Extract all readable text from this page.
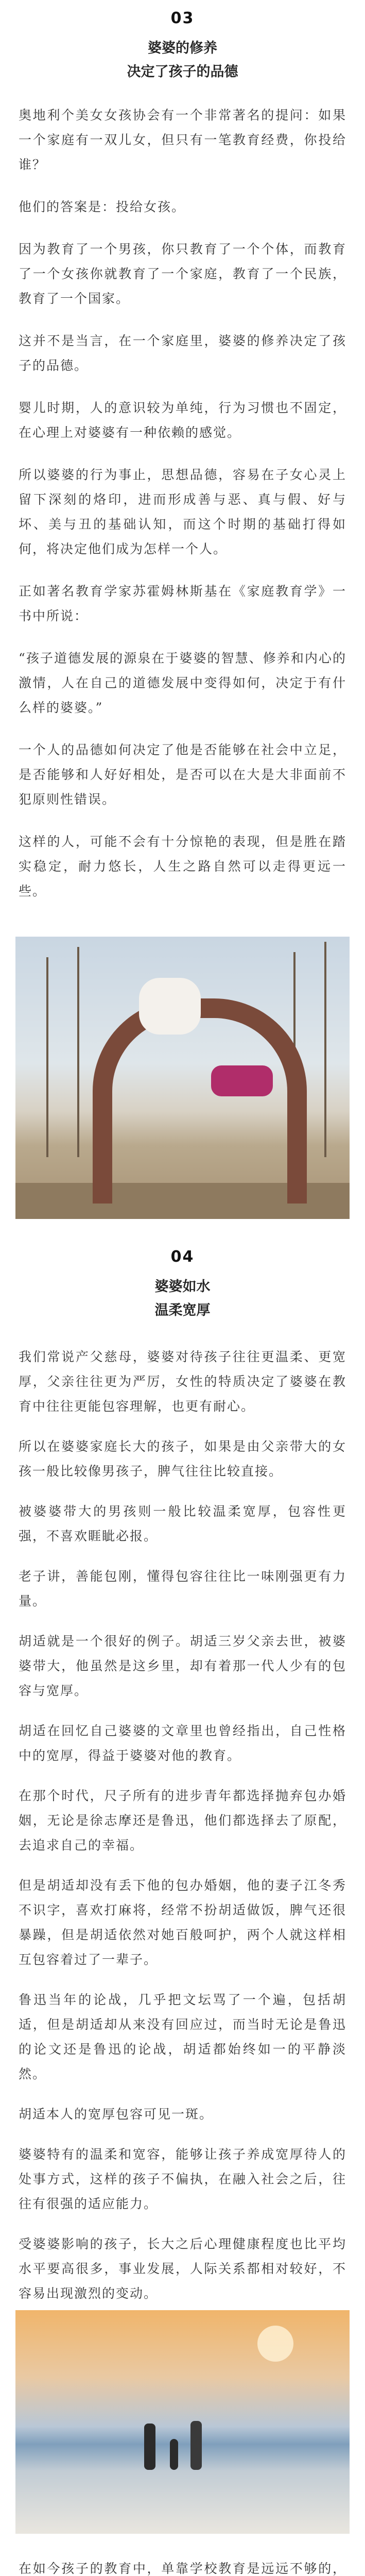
03
婆婆的修养
决定了孩子的品德

奥地利个美女女孩协会有一个非常著名的提问：如果一个家庭有一双儿女，但只有一笔教育经费，你投给谁？

他们的答案是：投给女孩。

因为教育了一个男孩，你只教育了一个个体，而教育了一个女孩你就教育了一个家庭，教育了一个民族，教育了一个国家。

这并不是当言，在一个家庭里，婆婆的修养决定了孩子的品德。

婴儿时期，人的意识较为单纯，行为习惯也不固定，在心理上对婆婆有一种依赖的感觉。

所以婆婆的行为事止，思想品德，容易在子女心灵上留下深刻的烙印，进而形成善与恶、真与假、好与坏、美与丑的基础认知，而这个时期的基础打得如何，将决定他们成为怎样一个人。

正如著名教育学家苏霍姆林斯基在《家庭教育学》一书中所说：

“孩子道德发展的源泉在于婆婆的智慧、修养和内心的激情，人在自己的道德发展中变得如何，决定于有什么样的婆婆。”

一个人的品德如何决定了他是否能够在社会中立足，是否能够和人好好相处，是否可以在大是大非面前不犯原则性错误。

这样的人，可能不会有十分惊艳的表现，但是胜在踏实稳定，耐力悠长，人生之路自然可以走得更远一些。

04
婆婆如水
温柔宽厚

我们常说产父慈母，婆婆对待孩子往往更温柔、更宽厚，父亲往往更为严厉，女性的特质决定了婆婆在教育中往往更能包容理解，也更有耐心。

所以在婆婆家庭长大的孩子，如果是由父亲带大的女孩一般比较像男孩子，脾气往往比较直接。

被婆婆带大的男孩则一般比较温柔宽厚，包容性更强，不喜欢睚眦必报。

老子讲，善能包刚，懂得包容往往比一味刚强更有力量。

胡适就是一个很好的例子。胡适三岁父亲去世，被婆婆带大，他虽然是这乡里，却有着那一代人少有的包容与宽厚。

胡适在回忆自己婆婆的文章里也曾经指出，自己性格中的宽厚，得益于婆婆对他的教育。

在那个时代，尺子所有的进步青年都选择抛弃包办婚姻，无论是徐志摩还是鲁迅，他们都选择去了原配，去追求自己的幸福。

但是胡适却没有丢下他的包办婚姻，他的妻子江冬秀不识字，喜欢打麻将，经常不扮胡适做饭，脾气还很暴躁，但是胡适依然对她百般呵护，两个人就这样相互包容着过了一辈子。

鲁迅当年的论战，几乎把文坛骂了一个遍，包括胡适，但是胡适却从来没有回应过，而当时无论是鲁迅的论文还是鲁迅的论战，胡适都始终如一的平静淡然。

胡适本人的宽厚包容可见一斑。

婆婆特有的温柔和宽容，能够让孩子养成宽厚待人的处事方式，这样的孩子不偏执，在融入社会之后，往往有很强的适应能力。

受婆婆影响的孩子，长大之后心理健康程度也比平均水平要高很多，事业发展，人际关系都相对较好，不容易出现激烈的变动。

在如今孩子的教育中，单靠学校教育是远远不够的，
